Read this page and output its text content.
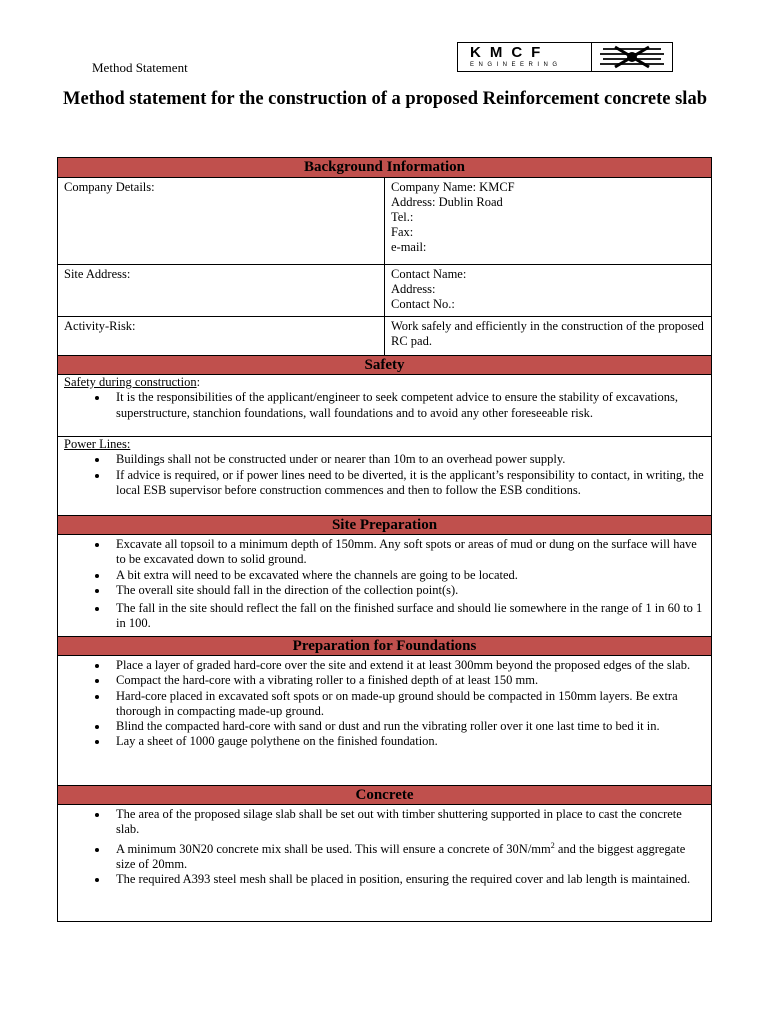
Method Statement
KMCF
ENGINEERING
Method statement for the construction of a proposed Reinforcement concrete slab
Background Information
Company Details:	Company Name: KMCF
Address: Dublin Road
Tel.:
Fax:
e-mail:
Site Address:	Contact Name:
Address:
Contact No.:
Activity-Risk:	Work safely and efficiently in the construction of the proposed RC pad.
Safety
Safety during construction:
• It is the responsibilities of the applicant/engineer to seek competent advice to ensure the stability of excavations, superstructure, stanchion foundations, wall foundations and to avoid any other foreseeable risk.
Power Lines:
• Buildings shall not be constructed under or nearer than 10m to an overhead power supply.
• If advice is required, or if power lines need to be diverted, it is the applicant’s responsibility to contact, in writing, the local ESB supervisor before construction commences and then to follow the ESB conditions.
Site Preparation
• Excavate all topsoil to a minimum depth of 150mm. Any soft spots or areas of mud or dung on the surface will have to be excavated down to solid ground.
• A bit extra will need to be excavated where the channels are going to be located.
• The overall site should fall in the direction of the collection point(s).
• The fall in the site should reflect the fall on the finished surface and should lie somewhere in the range of 1 in 60 to 1 in 100.
Preparation for Foundations
• Place a layer of graded hard-core over the site and extend it at least 300mm beyond the proposed edges of the slab.
• Compact the hard-core with a vibrating roller to a finished depth of at least 150 mm.
• Hard-core placed in excavated soft spots or on made-up ground should be compacted in 150mm layers. Be extra thorough in compacting made-up ground.
• Blind the compacted hard-core with sand or dust and run the vibrating roller over it one last time to bed it in.
• Lay a sheet of 1000 gauge polythene on the finished foundation.
Concrete
• The area of the proposed silage slab shall be set out with timber shuttering supported in place to cast the concrete slab.
• A minimum 30N20 concrete mix shall be used. This will ensure a concrete of $30N/mm^2$ and the biggest aggregate size of 20mm.
• The required A393 steel mesh shall be placed in position, ensuring the required cover and lab length is maintained.
